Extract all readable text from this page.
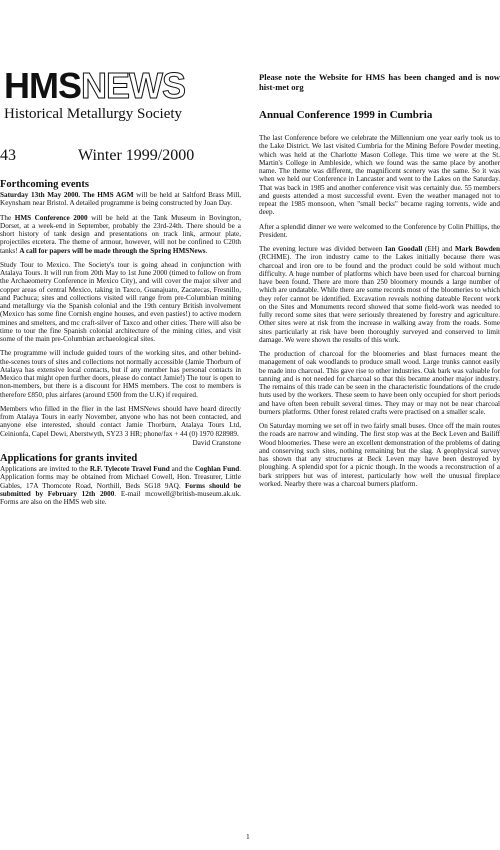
HMSNEWS
Historical Metallurgy Society
43	Winter 1999/2000
Forthcoming events

Saturday 13th May 2000. The HMS AGM will be held at Saltford Brass Mill, Keynsham near Bristol. A detailed programme is being constructed by Joan Day.

The HMS Conference 2000 will be held at the Tank Museum in Bovington, Dorset, at a week-end in September, probably the 23rd-24th. There should be a short history of tank design and presentations on track link, armour plate, projectiles etcetera. The theme of armour, however, will not be confined to C20th tanks! A call for papers will be made through the Spring HMSNews.

Study Tour to Mexico. The Society's tour is going ahead in conjunction with Atalaya Tours. It will run from 20th May to 1st June 2000 (timed to follow on from the Archaeometry Conference in Mexico City), and will cover the major silver and copper areas of central Mexico, taking in Taxco, Guanajuato, Zacatecas, Fresnillo, and Pachuca; sites and collections visited will range from pre-Columbian mining and metallurgy via the Spanish colonial and the 19th century British involvement (Mexico has some fine Cornish engine houses, and even pasties!) to active modern mines and smelters, and mc craft-silver of Taxco and other cities. There will also be time to tour the fine Spanish colonial architecture of the mining cities, and visit some of the main pre-Columbian archaeological sites.

The programme will include guided tours of the working sites, and other behind-the-scenes tours of sites and collections not normally accessible (Jamie Thorburn of Atalaya has extensive local contacts, but if any member has personal contacts in Mexico that might open further doors, please do contact Jamie!) The tour is open to non-members, but there is a discount for HMS members. The cost to members is therefore £850, plus airfares (around £500 from the U.K) if required.

Members who filled in the flier in the last HMSNews should have heard directly from Atalaya Tours in early November, anyone who has not been contacted, and anyone else interested, should contact Jamie Thorburn, Atalaya Tours Ltd, Ceinionfa, Capel Dewi, Aberstwyth, SY23 3 HR; phone/fax + 44 (0) 1970 828989.

David Cranstone
Applications for grants invited

Applications are invited to the R.F. Tylecote Travel Fund and the Coghlan Fund. Application forms may be obtained from Michael Cowell, Hon. Treasurer, Little Gables, 17A Thomcote Road, Northill, Beds SG18 9AQ. Forms should be submitted by February 12th 2000. E-mail mcowell@british-museum.ak.uk. Forms are also on the HMS web site.

Please note the Website for HMS has been changed and is now hist-met org
Annual Conference 1999 in Cumbria

The last Conference before we celebrate the Millennium one year early took us to the Lake District. We last visited Cumbria for the Mining Before Powder meeting, which was held at the Charlotte Mason College. This time we were at the St. Martin's College in Ambleside, which we found was the same place by another name. The theme was different, the magnificent scenery was the same. So it was when we held our Conference in Lancaster and went to the Lakes on the Saturday. That was back in 1985 and another conference visit was certainly due. 55 members and guests attended a most successful event. Even the weather managed not to repeat the 1985 monsoon, when "small becks" became raging torrents, wide and deep.

After a splendid dinner we were welcomed to the Conference by Colin Phillips, the President.

The evening lecture was divided between Ian Goodall (EH) and Mark Bowden (RCHME). The iron industry came to the Lakes initially because there was charcoal and iron ore to be found and the product could be sold without much difficulty. A huge number of platforms which have been used for charcoal burning have been found. There are more than 250 bloomery mounds a large number of which are undatable. While there are some records most of the bloomeries to which they refer cannot be identified. Excavation reveals nothing dateable Recent work on the Sites and Monuments record showed that some field-work was needed to fully record some sites that were seriously threatened by forestry and agriculture. Other sites were at risk from the increase in walking away from the roads. Some sites particularly at risk have been thoroughly surveyed and conserved to limit damage. We were shown the results of this work.

The production of charcoal for the bloomeries and blast furnaces meant the management of oak woodlands to produce small wood. Large trunks cannot easily be made into charcoal. This gave rise to other industries. Oak bark was valuable for tanning and is not needed for charcoal so that this became another major industry. The remains of this trade can be seen in the characteristic foundations of the crude huts used by the workers. These seem to have been only occupied for short periods and have often been rebuilt several times. They may or may not be near charcoal burners platforms. Other forest related crafts were practised on a smaller scale.

On Saturday morning we set off in two fairly small buses. Once off the main routes the roads are narrow and winding. The first stop was at the Beck Leven and Bailiff Wood bloomeries. These were an excellent demonstration of the problems of dating and conserving such sites, nothing remaining but the slag. A geophysical survey has shown that any structures at Beck Leven may have been destroyed by ploughing. A splendid spot for a picnic though. In the woods a reconstruction of a bark strippers hut was of interest, particularly how well the unusual fireplace worked. Nearby there was a charcoal burners platform.

1
